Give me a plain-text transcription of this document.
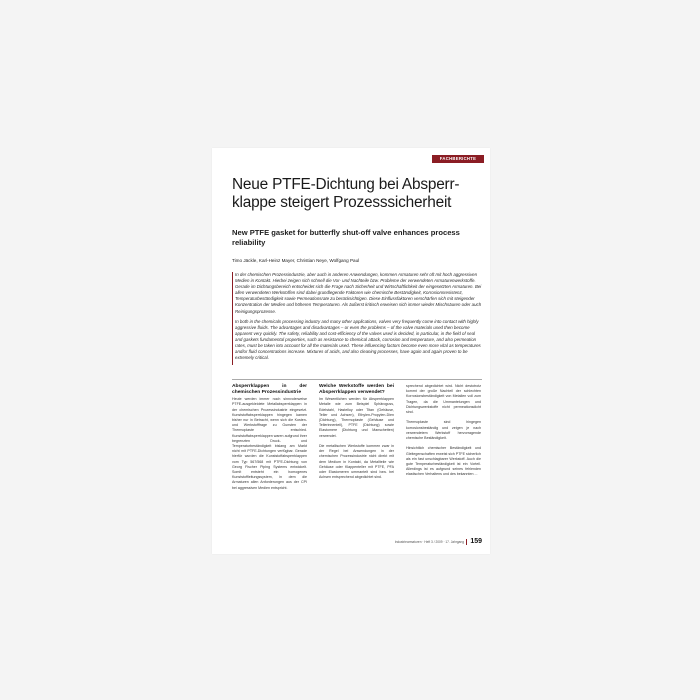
FACHBERICHTE
Neue PTFE-Dichtung bei Absperr-klappe steigert Prozesssicherheit
New PTFE gasket for butterfly shut-off valve enhances process reliability
Timo Jäckle, Karl-Heinz Mayer, Christian Neye, Wolfgang Paul

In der chemischen Prozessindustrie, aber auch in anderen Anwendungen, kommen Armaturen sehr oft mit hoch aggressiven Medien in Kontakt. Hierbei zeigen sich schnell die Vor- und Nachteile bzw. Probleme der verwendeten Armaturenwerkstoffe. Gerade im Dichtungsbereich entscheidet sich die Frage nach Sicherheit und Wirtschaftlichkeit der eingesetzten Armaturen. Bei allen verwendeten Werkstoffen sind dabei grundlegende Faktoren wie chemische Beständigkeit, Korrosionsresistenz, Temperaturbeständigkeit sowie Permeationsrate zu berücksichtigen. Diese Einflussfaktoren verschärfen sich mit steigender Konzentration der Medien und höheren Temperaturen. Als äußerst kritisch erweisen sich immer wieder Mischsäuren oder auch Reinigungsprozesse.

In both in the chemicals processing industry and many other applications, valves very frequently come into contact with highly aggressive fluids. The advantages and disadvantages – or even the problems – of the valve materials used then become apparent very quickly. The safety, reliability and cost-efficiency of the valves used is decided, in particular, in the field of seal and gaskets fundamental properties, such as resistance to chemical attack, corrosion and temperature, and also permeation rates, must be taken into account for all the materials used. These influencing factors become even more vital as temperatures and/or fluid concentrations increase. Mixtures of acids, and also cleaning processes, have again and again proven to be extremely critical.

Absperrklappen in der chemischen Prozessindustrie

Heute werden immer noch sinnvolerweise PTFE-ausgekleidete Metallabsperrklappen in der chemischen Prozessindustrie eingesetzt. Kunststoffabsperrklappen hingegen kamen bisher nur in Betracht, wenn sich die Kosten- und Werkstofffrage zu Gunsten der Thermoplaste entschied. Kunststoffabsperrklappen waren aufgrund ihrer begrenzten Druck- und Temperaturbeständigkeit bislang am Markt nicht mit PTFE-Dichtungen verfügbar. Gerade hierfür wurden die Kunststoffabsperrklappen vom Typ 567/568 mit PTFE-Dichtung von Georg Fischer Piping Systems entwickelt. Somit entsteht ein homogenes Kunststoffleitungssystem, in dem die Armaturen allen Anforderungen aus der CPI bei aggressiven Medien entspricht.

Welche Werkstoffe werden bei Absperrklappen verwendet?

Im Wesentlichen werden für Absperrklappen Metalle wie zum Beispiel Sphäroguss, Edelstahl, Hastelloy oder Titan (Gehäuse, Teller und Achsen), Ethylen-Propylen-Dien (Dichtung), Thermoplaste (Gehäuse und Tellerinnenteil), PTFE (Dichtung) sowie Elastomere (Dichtung und Manschetten) verwendet.

Die metallischen Werkstoffe kommen zwar in der Regel bei Anwendungen in der chemischen Prozessindustrie nicht direkt mit dem Medium in Kontakt, da Metallteile wie Gehäuse oder Klappenteller mit PTFE, PFA oder Elastomeren ummantelt sind bzw. bei Achsen entsprechend abgedichtet sind.

sprechend abgedichtet wird. Nicht destotrotz kommt der große Nachteil der schlechten Korrosionsbeständigkeit von Metallen voll zum Tragen, da die Ummantelungen und Dichtungswerkstoffe nicht permeationsdicht sind.

Thermoplaste sind hingegen korrosionsbeständig und zeigen je nach verwendetem Werkstoff hervorragende chemische Beständigkeit.

Hinsichtlich chemischer Beständigkeit und Gleitegenschaften erweist sich PTFE sicherlich als ein fast unschlagbarer Werkstoff. Auch die gute Temperaturbeständigkeit ist ein Vorteil. Allerdings ist es aufgrund seines fehlenden elastischen Verhaltens und des bekannten ...

Industriearmaturen · Heft 3 / 2009 · 17. Jahrgang 159
